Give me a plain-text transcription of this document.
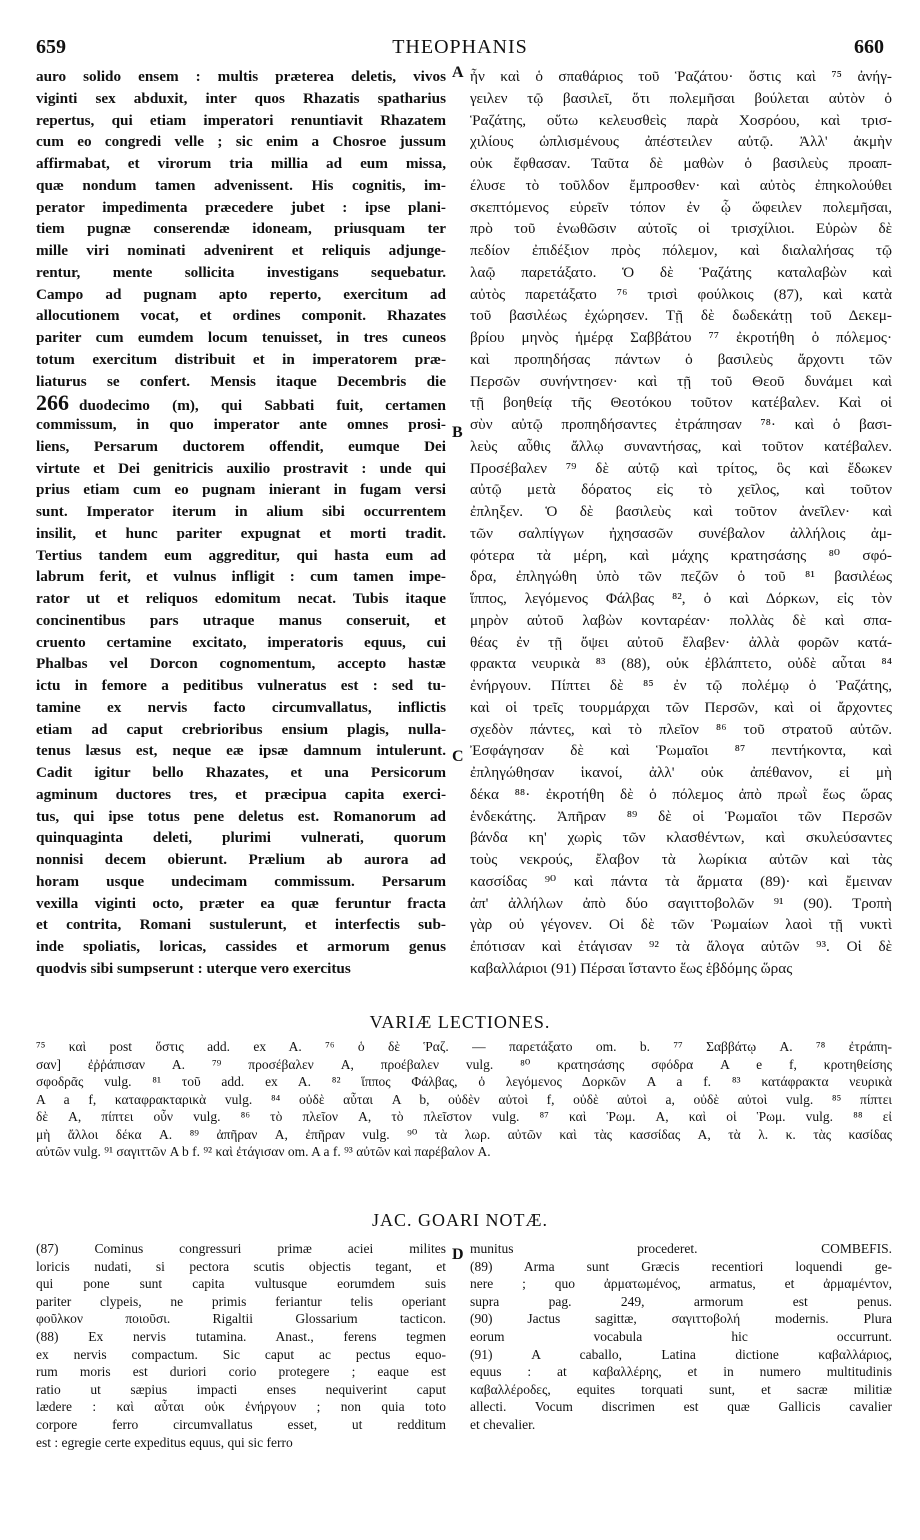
659	THEOPHANIS	660
A
B
C
D
auro solido ensem : multis præterea deletis, vivos
viginti sex abduxit, inter quos Rhazatis spatharius
repertus, qui etiam imperatori renuntiavit Rhazatem
cum eo congredi velle ; sic enim a Chosroe jussum
affirmabat, et virorum tria millia ad eum missa,
quæ nondum tamen advenissent. His cognitis, im-
perator impedimenta præcedere jubet : ipse plani-
tiem pugnæ conserendæ idoneam, priusquam ter
mille viri nominati advenirent et reliquis adjunge-
rentur, mente sollicita investigans sequebatur.
Campo ad pugnam apto reperto, exercitum ad
allocutionem vocat, et ordines componit. Rhazates
pariter cum eumdem locum tenuisset, in tres cuneos
totum exercitum distribuit et in imperatorem præ-
liaturus se confert. Mensis itaque Decembris die
266 duodecimo (m), qui Sabbati fuit, certamen
commissum, in quo imperator ante omnes prosi-
liens, Persarum ductorem offendit, eumque Dei
virtute et Dei genitricis auxilio prostravit : unde qui
prius etiam cum eo pugnam inierant in fugam versi
sunt. Imperator iterum in alium sibi occurrentem
insilit, et hunc pariter expugnat et morti tradit.
Tertius tandem eum aggreditur, qui hasta eum ad
labrum ferit, et vulnus infligit : cum tamen impe-
rator ut et reliquos edomitum necat. Tubis itaque
concinentibus pars utraque manus conseruit, et
cruento certamine excitato, imperatoris equus, cui
Phalbas vel Dorcon cognomentum, accepto hastæ
ictu in femore a peditibus vulneratus est : sed tu-
tamine ex nervis facto circumvallatus, inflictis
etiam ad caput crebrioribus ensium plagis, nulla-
tenus læsus est, neque eæ ipsæ damnum intulerunt.
Cadit igitur bello Rhazates, et una Persicorum
agminum ductores tres, et præcipua capita exerci-
tus, qui ipse totus pene deletus est. Romanorum ad
quinquaginta deleti, plurimi vulnerati, quorum
nonnisi decem obierunt. Prælium ab aurora ad
horam usque undecimam commissum. Persarum
vexilla viginti octo, præter ea quæ feruntur fracta
et contrita, Romani sustulerunt, et interfectis sub-
inde spoliatis, loricas, cassides et armorum genus
quodvis sibi sumpserunt : uterque vero exercitus
ἦν καὶ ὁ σπαθάριος τοῦ Ῥαζάτου· ὅστις καὶ ⁷⁵ ἀνήγ-
γειλεν τῷ βασιλεῖ, ὅτι πολεμῆσαι βούλεται αὐτὸν ὁ
Ῥαζάτης, οὕτω κελευσθεὶς παρὰ Χοσρόου, καὶ τρισ-
χιλίους ὡπλισμένους ἀπέστειλεν αὐτῷ. Ἀλλ' ἀκμὴν
οὐκ ἔφθασαν. Ταῦτα δὲ μαθὼν ὁ βασιλεὺς προαπ-
έλυσε τὸ τοῦλδον ἔμπροσθεν· καὶ αὐτὸς ἐπηκολούθει
σκεπτόμενος εὑρεῖν τόπον ἐν ᾧ ὤφειλεν πολεμῆσαι,
πρὸ τοῦ ἑνωθῶσιν αὐτοῖς οἱ τρισχίλιοι. Εὑρὼν δὲ
πεδίον ἐπιδέξιον πρὸς πόλεμον, καὶ διαλαλήσας τῷ
λαῷ παρετάξατο. Ὁ δὲ Ῥαζάτης καταλαβὼν καὶ
αὐτὸς παρετάξατο ⁷⁶ τρισὶ φούλκοις (87), καὶ κατὰ
τοῦ βασιλέως ἐχώρησεν. Τῇ δὲ δωδεκάτῃ τοῦ Δεκεμ-
βρίου μηνὸς ἡμέρᾳ Σαββάτου ⁷⁷ ἐκροτήθη ὁ πόλεμος·
καὶ προπηδήσας πάντων ὁ βασιλεὺς ἄρχοντι τῶν
Περσῶν συνήντησεν· καὶ τῇ τοῦ Θεοῦ δυνάμει καὶ
τῇ βοηθείᾳ τῆς Θεοτόκου τοῦτον κατέβαλεν. Καὶ οἱ
σὺν αὐτῷ προπηδήσαντες ἐτράπησαν ⁷⁸· καὶ ὁ βασι-
λεὺς αὖθις ἄλλῳ συναντήσας, καὶ τοῦτον κατέβαλεν.
Προσέβαλεν ⁷⁹ δὲ αὐτῷ καὶ τρίτος, ὃς καὶ ἔδωκεν
αὐτῷ μετὰ δόρατος εἰς τὸ χεῖλος, καὶ τοῦτον
ἐπληξεν. Ὁ δὲ βασιλεὺς καὶ τοῦτον ἀνεῖλεν· καὶ
τῶν σαλπίγγων ἠχησασῶν συνέβαλον ἀλλήλοις ἀμ-
φότερα τὰ μέρη, καὶ μάχης κρατησάσης ⁸⁰ σφό-
δρα, ἐπληγώθη ὑπὸ τῶν πεζῶν ὁ τοῦ ⁸¹ βασιλέως
ἵππος, λεγόμενος Φάλβας ⁸², ὁ καὶ Δόρκων, εἰς τὸν
μηρὸν αὐτοῦ λαβὼν κονταρέαν· πολλὰς δὲ καὶ σπα-
θέας ἐν τῇ ὄψει αὐτοῦ ἔλαβεν· ἀλλὰ φορῶν κατά-
φρακτα νευρικὰ ⁸³ (88), οὐκ ἐβλάπτετο, οὐδὲ αὗται ⁸⁴
ἐνήργουν. Πίπτει δὲ ⁸⁵ ἐν τῷ πολέμῳ ὁ Ῥαζάτης,
καὶ οἱ τρεῖς τουρμάρχαι τῶν Περσῶν, καὶ οἱ ἄρχοντες
σχεδὸν πάντες, καὶ τὸ πλεῖον ⁸⁶ τοῦ στρατοῦ αὐτῶν.
Ἐσφάγησαν δὲ καὶ Ῥωμαῖοι ⁸⁷ πεντήκοντα, καὶ
ἐπληγώθησαν ἱκανοί, ἀλλ' οὐκ ἀπέθανον, εἰ μὴ
δέκα ⁸⁸· ἐκροτήθη δὲ ὁ πόλεμος ἀπὸ πρωῒ ἕως ὥρας
ἑνδεκάτης. Ἀπῆραν ⁸⁹ δὲ οἱ Ῥωμαῖοι τῶν Περσῶν
βάνδα κη' χωρὶς τῶν κλασθέντων, καὶ σκυλεύσαντες
τοὺς νεκρούς, ἔλαβον τὰ λωρίκια αὐτῶν καὶ τὰς
κασσίδας ⁹⁰ καὶ πάντα τὰ ἅρματα (89)· καὶ ἔμειναν
ἀπ' ἀλλήλων ἀπὸ δύο σαγιττοβολῶν ⁹¹ (90). Τροπὴ
γὰρ οὐ γέγονεν. Οἱ δὲ τῶν Ῥωμαίων λαοὶ τῇ νυκτὶ
ἐπότισαν καὶ ἐτάγισαν ⁹² τὰ ἄλογα αὐτῶν ⁹³. Οἱ δὲ
καβαλλάριοι (91) Πέρσαι ἵσταντο ἕως ἑβδόμης ὥρας
VARIÆ LECTIONES.
⁷⁵ καὶ post ὅστις add. ex A. ⁷⁶ ὁ δὲ Ῥαζ. — παρετάξατο om. b. ⁷⁷ Σαββάτῳ A. ⁷⁸ ἐτράπη-
σαν] ἐῤῥάπισαν A. ⁷⁹ προσέβαλεν A, προέβαλεν vulg. ⁸⁰ κρατησάσης σφόδρα A e f, κροτηθείσης
σφοδρᾶς vulg. ⁸¹ τοῦ add. ex A. ⁸² ἵππος Φάλβας, ὁ λεγόμενος Δορκῶν A a f. ⁸³ κατάφρακτα νευρικὰ
A a f, καταφρακταρικὰ vulg. ⁸⁴ οὐδὲ αὗται A b, οὐδὲν αὐτοὶ f, οὐδὲ αὐτοὶ a, οὐδὲ αὐτοὶ vulg. ⁸⁵ πίπτει
δὲ A, πίπτει οὖν vulg. ⁸⁶ τὸ πλεῖον A, τὸ πλεῖστον vulg. ⁸⁷ καὶ Ῥωμ. A, καὶ οἱ Ῥωμ. vulg. ⁸⁸ εἰ
μὴ ἄλλοι δέκα A. ⁸⁹ ἀπῆραν A, ἐπῆραν vulg. ⁹⁰ τὰ λωρ. αὐτῶν καὶ τὰς κασσίδας A, τὰ λ. κ. τὰς κασίδας
αὐτῶν vulg. ⁹¹ σαγιττῶν A b f. ⁹² καὶ ἐτάγισαν om. A a f. ⁹³ αὐτῶν καὶ παρέβαλον A.
JAC. GOARI NOTÆ.
(87) Cominus congressuri primæ aciei milites
loricis nudati, si pectora scutis objectis tegant, et
qui pone sunt capita vultusque eorumdem suis
pariter clypeis, ne primis feriantur telis operiant
φοῦλκον ποιοῦσι. Rigaltii Glossarium tacticon.
(88) Ex nervis tutamina. Anast., ferens tegmen
ex nervis compactum. Sic caput ac pectus equo-
rum moris est duriori corio protegere ; eaque est
ratio ut sæpius impacti enses nequiverint caput
lædere : καὶ αὗται οὐκ ἐνήργουν ; non quia toto
corpore ferro circumvallatus esset, ut redditum
est : egregie certe expeditus equus, qui sic ferro
munitus procederet. COMBEFIS.
(89) Arma sunt Græcis recentiori loquendi ge-
nere ; quo ἀρματωμένος, armatus, et ἀρμαμέντον,
supra pag. 249, armorum est penus.
(90) Jactus sagittæ, σαγιττοβολή modernis. Plura
eorum vocabula hic occurrunt.
(91) A caballo, Latina dictione καβαλλάριος,
equus : at καβαλλέρης, et in numero multitudinis
καβαλλέροδες, equites torquati sunt, et sacræ militiæ
allecti. Vocum discrimen est quæ Gallicis cavalier
et chevalier.
